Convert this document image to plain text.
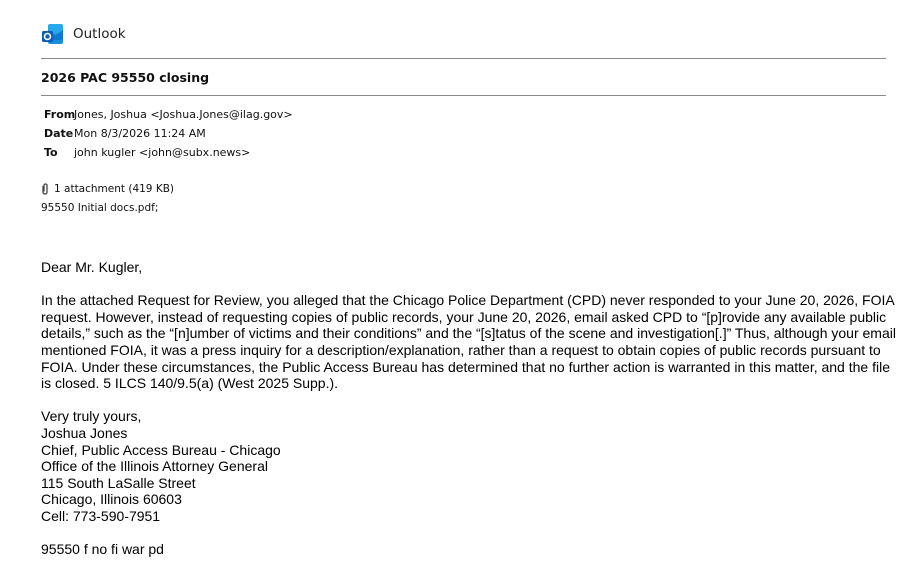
Outlook
2026 PAC 95550 closing
From
Jones, Joshua <Joshua.Jones@ilag.gov>
Date Mon 8/3/2026 11:24 AM
To	john kugler <john@subx.news>
1 attachment (419 KB)
95550 Initial docs.pdf;

Dear Mr. Kugler,

In the attached Request for Review, you alleged that the Chicago Police Department (CPD) never responded to your June 20, 2026, FOIA request. However, instead of requesting copies of public records, your June 20, 2026, email asked CPD to “[p]rovide any available public details,” such as the “[n]umber of victims and their conditions” and the “[s]tatus of the scene and investigation[.]” Thus, although your email mentioned FOIA, it was a press inquiry for a description/explanation, rather than a request to obtain copies of public records pursuant to FOIA. Under these circumstances, the Public Access Bureau has determined that no further action is warranted in this matter, and the file is closed. 5 ILCS 140/9.5(a) (West 2025 Supp.).

Very truly yours,
Joshua Jones
Chief, Public Access Bureau - Chicago
Office of the Illinois Attorney General
115 South LaSalle Street
Chicago, Illinois 60603
Cell: 773-590-7951
95550 f no fi war pd
